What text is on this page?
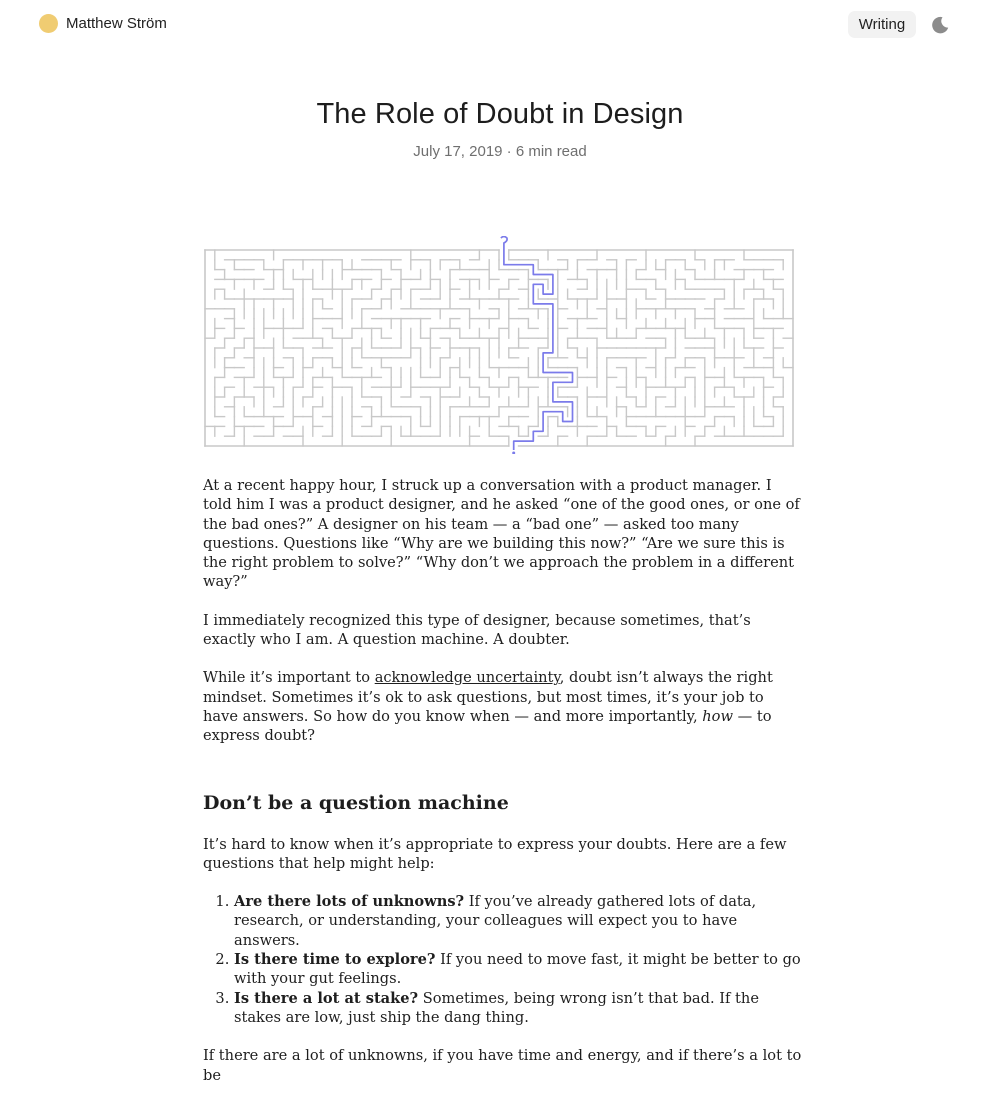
Matthew Ström	Writing
The Role of Doubt in Design
July 17, 2019 · 6 min read

At a recent happy hour, I struck up a conversation with a product manager. I told him I was a product designer, and he asked “one of the good ones, or one of the bad ones?” A designer on his team — a “bad one” — asked too many questions. Questions like “Why are we building this now?” “Are we sure this is the right problem to solve?” “Why don’t we approach the problem in a different way?”

I immediately recognized this type of designer, because sometimes, that’s exactly who I am. A question machine. A doubter.

While it’s important to acknowledge uncertainty, doubt isn’t always the right mindset. Sometimes it’s ok to ask questions, but most times, it’s your job to have answers. So how do you know when — and more importantly, how — to express doubt?

Don’t be a question machine

It’s hard to know when it’s appropriate to express your doubts. Here are a few questions that help might help:

1. Are there lots of unknowns? If you’ve already gathered lots of data, research, or understanding, your colleagues will expect you to have answers.
2. Is there time to explore? If you need to move fast, it might be better to go with your gut feelings.
3. Is there a lot at stake? Sometimes, being wrong isn’t that bad. If the stakes are low, just ship the dang thing.

If there are a lot of unknowns, if you have time and energy, and if there’s a lot to be
